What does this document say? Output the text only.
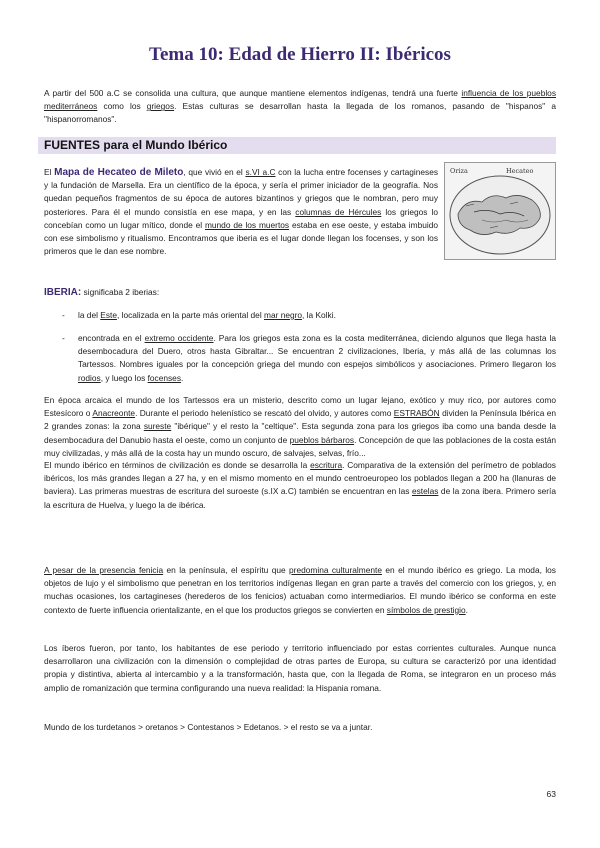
Tema 10: Edad de Hierro II: Ibéricos

A partir del 500 a.C se consolida una cultura, que aunque mantiene elementos indígenas, tendrá una fuerte influencia de los pueblos mediterráneos como los griegos. Estas culturas se desarrollan hasta la llegada de los romanos, pasando de "hispanos" a "hispanorromanos".

FUENTES para el Mundo Ibérico

El Mapa de Hecateo de Mileto, que vivió en el s.VI a.C con la lucha entre focenses y cartagineses y la fundación de Marsella. Era un científico de la época, y sería el primer iniciador de la geografía. Nos quedan pequeños fragmentos de su época de autores bizantinos y griegos que le nombran, pero muy posteriores. Para él el mundo consistía en ese mapa, y en las columnas de Hércules los griegos lo concebían como un lugar mítico, donde el mundo de los muertos estaba en ese oeste, y estaba imbuido con ese simbolismo y ritualismo. Encontramos que iberia es el lugar donde llegan los focenses, y son los primeros que le dan ese nombre.

Oriza	Hecateo

IBERIA: significaba 2 iberias:

- la del Este, localizada en la parte más oriental del mar negro, la Kolki.

- encontrada en el extremo occidente. Para los griegos esta zona es la costa mediterránea, diciendo algunos que llega hasta la desembocadura del Duero, otros hasta Gibraltar... Se encuentran 2 civilizaciones, Iberia, y más allá de las columnas los Tartessos. Nombres iguales por la concepción griega del mundo con espejos simbólicos y asociaciones. Primero llegaron los rodios, y luego los focenses.

En época arcaica el mundo de los Tartessos era un misterio, descrito como un lugar lejano, exótico y muy rico, por autores como Estesícoro o Anacreonte. Durante el periodo helenístico se rescató del olvido, y autores como ESTRABÓN dividen la Península Ibérica en 2 grandes zonas: la zona sureste "ibérique" y el resto la "celtique". Esta segunda zona para los griegos iba como una banda desde la desembocadura del Danubio hasta el oeste, como un conjunto de pueblos bárbaros. Concepción de que las poblaciones de la costa están muy civilizadas, y más allá de la costa hay un mundo oscuro, de salvajes, selvas, frío...

El mundo ibérico en términos de civilización es donde se desarrolla la escritura. Comparativa de la extensión del perímetro de poblados ibéricos, los más grandes llegan a 27 ha, y en el mismo momento en el mundo centroeuropeo los poblados llegan a 200 ha (llanuras de baviera). Las primeras muestras de escritura del suroeste (s.IX a.C) también se encuentran en las estelas de la zona ibera. Primero sería la escritura de Huelva, y luego la de ibérica.

A pesar de la presencia fenicia en la península, el espíritu que predomina culturalmente en el mundo ibérico es griego. La moda, los objetos de lujo y el simbolismo que penetran en los territorios indígenas llegan en gran parte a través del comercio con los griegos, y, en muchas ocasiones, los cartagineses (herederos de los fenicios) actuaban como intermediarios. El mundo ibérico se conforma en este contexto de fuerte influencia orientalizante, en el que los productos griegos se convierten en símbolos de prestigio.

Los íberos fueron, por tanto, los habitantes de ese periodo y territorio influenciado por estas corrientes culturales. Aunque nunca desarrollaron una civilización con la dimensión o complejidad de otras partes de Europa, su cultura se caracterizó por una identidad propia y distintiva, abierta al intercambio y a la transformación, hasta que, con la llegada de Roma, se integraron en un proceso más amplio de romanización que termina configurando una nueva realidad: la Hispania romana.

Mundo de los turdetanos > oretanos > Contestanos > Edetanos. > el resto se va a juntar.

63
